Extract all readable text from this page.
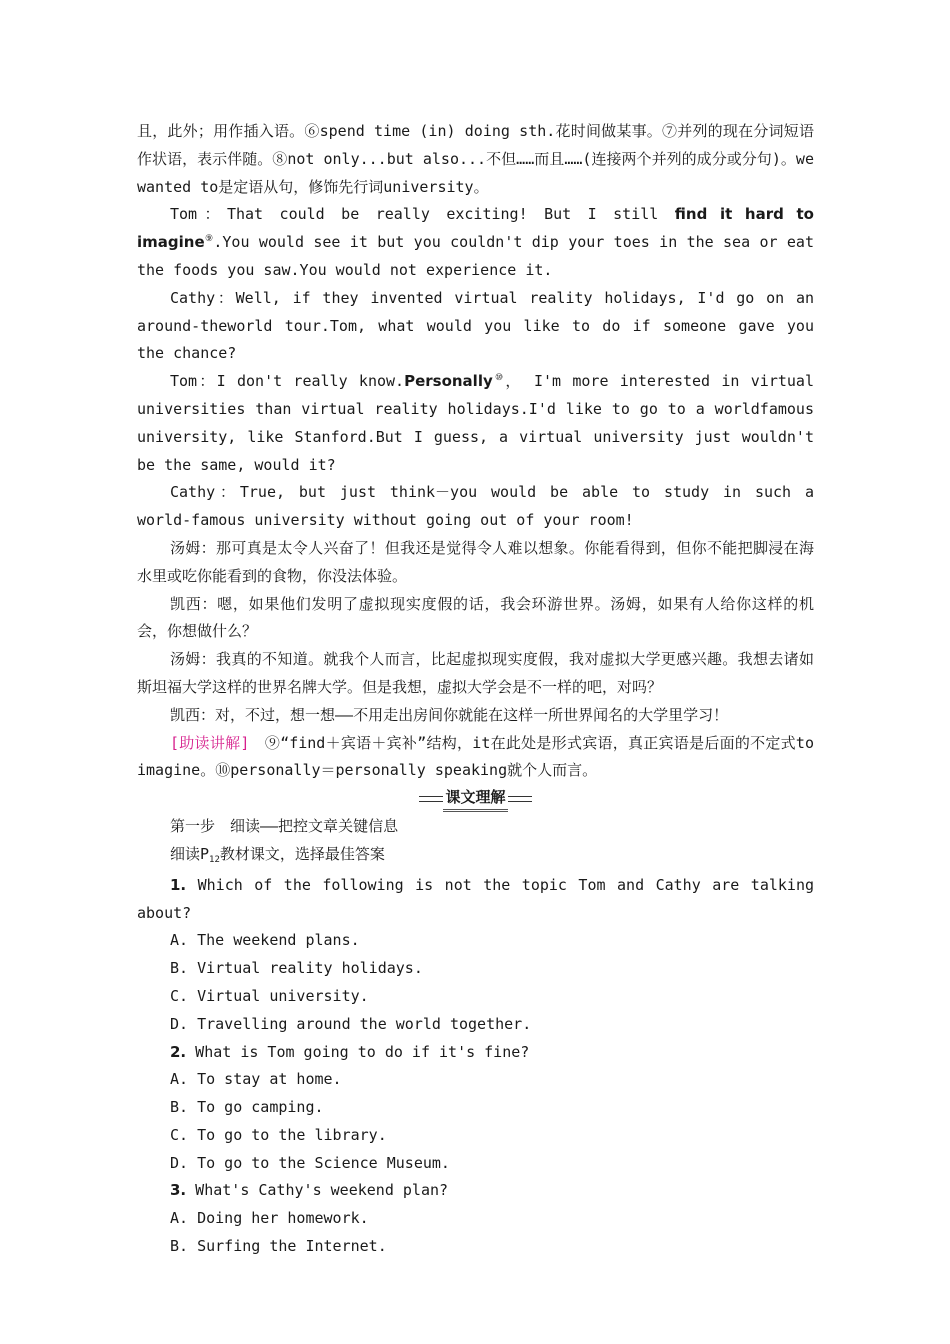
且，此外；用作插入语。⑥spend time (in) doing sth.花时间做某事。⑦并列的现在分词短语作状语，表示伴随。⑧not only...but also...不但……而且……(连接两个并列的成分或分句)。we wanted to是定语从句，修饰先行词university。

Tom：That could be really exciting! But I still find it hard to imagine⑨.You would see it but you couldn't dip your toes in the sea or eat the foods you saw.You would not experience it.

Cathy：Well, if they invented virtual reality holidays, I'd go on an around-theworld tour.Tom, what would you like to do if someone gave you the chance?

Tom：I don't really know.Personally⑩， I'm more interested in virtual universities than virtual reality holidays.I'd like to go to a worldfamous university, like Stanford.But I guess, a virtual university just wouldn't be the same, would it?

Cathy：True, but just think－you would be able to study in such a world-famous university without going out of your room!

汤姆：那可真是太令人兴奋了！但我还是觉得令人难以想象。你能看得到，但你不能把脚浸在海水里或吃你能看到的食物，你没法体验。

凯西：嗯，如果他们发明了虚拟现实度假的话，我会环游世界。汤姆，如果有人给你这样的机会，你想做什么？

汤姆：我真的不知道。就我个人而言，比起虚拟现实度假，我对虚拟大学更感兴趣。我想去诸如斯坦福大学这样的世界名牌大学。但是我想，虚拟大学会是不一样的吧，对吗？

凯西：对，不过，想一想——不用走出房间你就能在这样一所世界闻名的大学里学习！

[助读讲解]　⑨“find＋宾语＋宾补”结构，it在此处是形式宾语，真正宾语是后面的不定式to imagine。⑩personally＝personally speaking就个人而言。

课文理解

第一步　细读——把控文章关键信息

细读$P_{12}$教材课文，选择最佳答案

1. Which of the following is not the topic Tom and Cathy are talking about?

A. The weekend plans.

B. Virtual reality holidays.

C. Virtual university.

D. Travelling around the world together.

2. What is Tom going to do if it's fine?

A. To stay at home.

B. To go camping.

C. To go to the library.

D. To go to the Science Museum.

3. What's Cathy's weekend plan?

A. Doing her homework.

B. Surfing the Internet.
